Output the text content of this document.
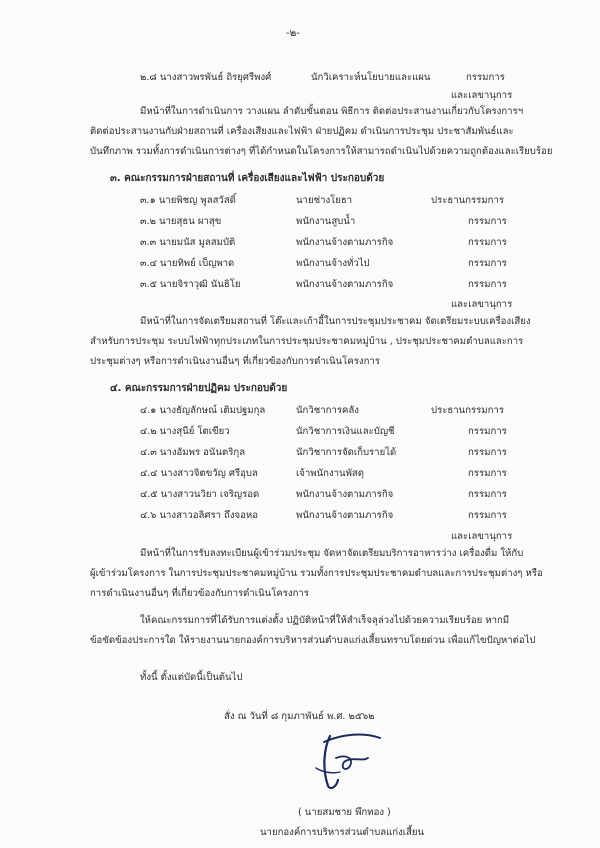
-๒-
๒.๘ นางสาวพรพันธ์ ถิรยุศรีพงศ์	นักวิเคราะห์นโยบายและแผน	กรรมการ
และเลขานุการ
มีหน้าที่ในการดำเนินการ วางแผน ลำดับขั้นตอน พิธีการ ติดต่อประสานงานเกี่ยวกับโครงการฯ
ติดต่อประสานงานกับฝ่ายสถานที่ เครื่องเสียงและไฟฟ้า ฝ่ายปฏิคม ดำเนินการประชุม ประชาสัมพันธ์และ
บันทึกภาพ รวมทั้งการดำเนินการต่างๆ ที่ได้กำหนดในโครงการให้สามารถดำเนินไปด้วยความถูกต้องและเรียบร้อย
๓. คณะกรรมการฝ่ายสถานที่ เครื่องเสียงและไฟฟ้า ประกอบด้วย
๓.๑ นายพิชญ พูลสวัสดิ์	นายช่างโยธา	ประธานกรรมการ
๓.๒ นายสุธน ผาสุข	พนักงานสูบน้ำ	กรรมการ
๓.๓ นายมนัส มูลสมบัติ	พนักงานจ้างตามภารกิจ	กรรมการ
๓.๔ นายทิพย์ เบ็ญพาด	พนักงานจ้างทั่วไป	กรรมการ
๓.๕ นายจิราวุฒิ นันธิโย	พนักงานจ้างตามภารกิจ	กรรมการ
และเลขานุการ
มีหน้าที่ในการจัดเตรียมสถานที่ โต๊ะและเก้าอี้ในการประชุมประชาคม จัดเตรียมระบบเครื่องเสียง
สำหรับการประชุม ระบบไฟฟ้าทุกประเภทในการประชุมประชาคมหมู่บ้าน , ประชุมประชาคมตำบลและการ
ประชุมต่างๆ หรือการดำเนินงานอื่นๆ ที่เกี่ยวข้องกับการดำเนินโครงการ
๔. คณะกรรมการฝ่ายปฏิคม ประกอบด้วย
๔.๑ นางธัญลักษณ์ เติมปฐมกุล	นักวิชาการคลัง	ประธานกรรมการ
๔.๒ นางสุนีย์ โตเขียว	นักวิชาการเงินและบัญชี	กรรมการ
๔.๓ นางอัมพร อนันตริกุล	นักวิชาการจัดเก็บรายได้	กรรมการ
๔.๔ นางสาวจิตขวัญ ศรีอุบล	เจ้าพนักงานพัสดุ	กรรมการ
๔.๕ นางสาวนวิยา เจริญรอด	พนักงานจ้างตามภารกิจ	กรรมการ
๔.๖ นางสาวอลิศรา ถึงจอหอ	พนักงานจ้างตามภารกิจ	กรรมการ
และเลขานุการ
มีหน้าที่ในการรับลงทะเบียนผู้เข้าร่วมประชุม จัดหาจัดเตรียมบริการอาหารว่าง เครื่องดื่ม ให้กับ
ผู้เข้าร่วมโครงการ ในการประชุมประชาคมหมู่บ้าน รวมทั้งการประชุมประชาคมตำบลและการประชุมต่างๆ หรือ
การดำเนินงานอื่นๆ ที่เกี่ยวข้องกับการดำเนินโครงการ
ให้คณะกรรมการที่ได้รับการแต่งตั้ง ปฏิบัติหน้าที่ให้สำเร็จลุล่วงไปด้วยความเรียบร้อย หากมี
ข้อขัดข้องประการใด ให้รายงานนายกองค์การบริหารส่วนตำบลแก่งเสี้ยนทราบโดยด่วน เพื่อแก้ไขปัญหาต่อไป
ทั้งนี้ ตั้งแต่บัดนี้เป็นต้นไป
สั่ง ณ วันที่ ๘ กุมภาพันธ์ พ.ศ. ๒๕๖๒
( นายสมชาย พึกทอง )
นายกองค์การบริหารส่วนตำบลแก่งเสี้ยน
